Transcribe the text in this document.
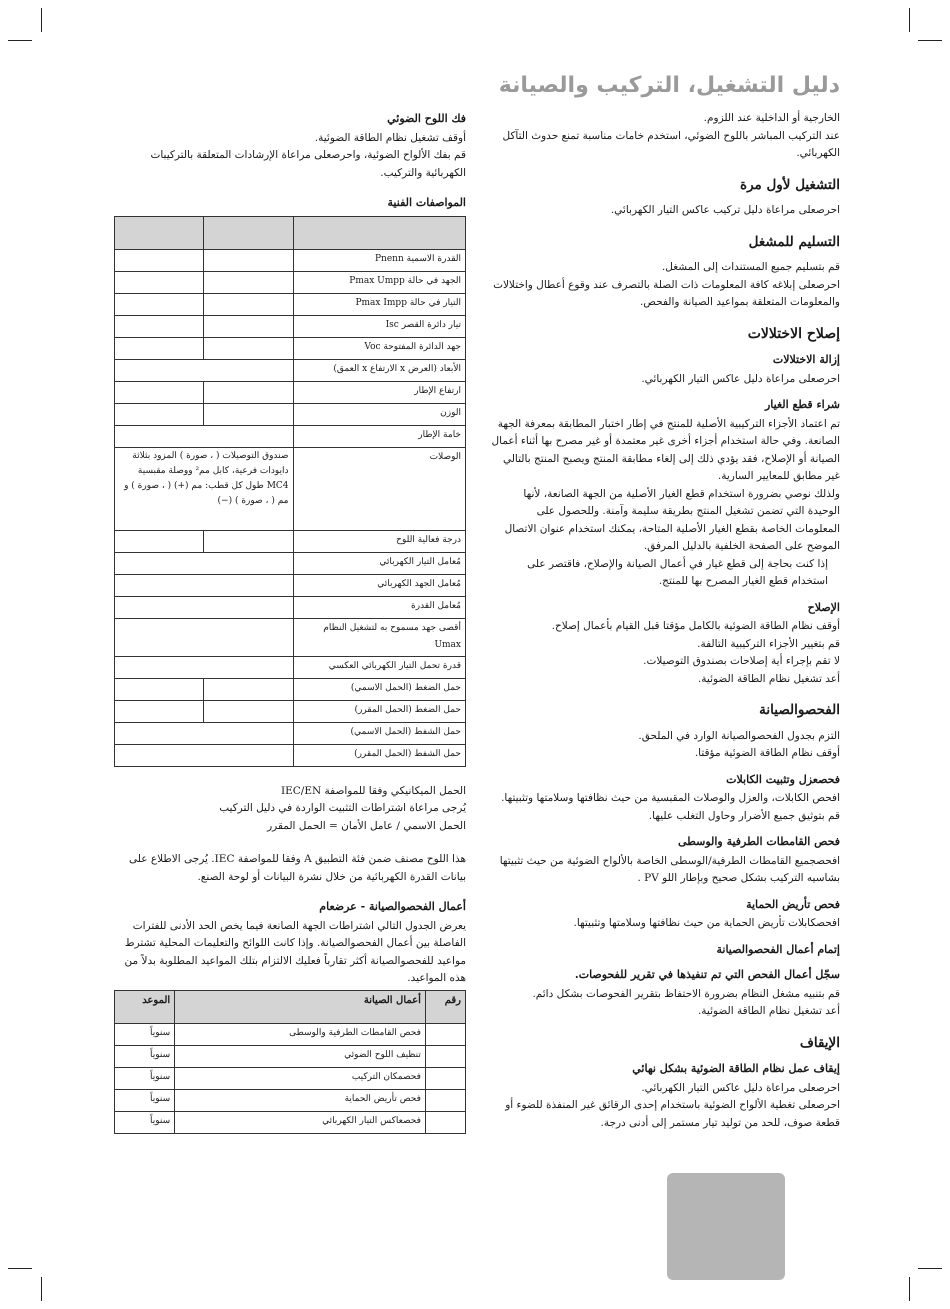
دليل التشغيل، التركيب والصيانة

الخارجية أو الداخلية عند اللزوم.

عند التركيب المباشر باللوح الضوئي، استخدم خامات مناسبة تمنع حدوث التآكل الكهربائي.

التشغيل لأول مرة

احرصعلى مراعاة دليل تركيب عاكس التيار الكهربائي.

التسليم للمشغل

قم بتسليم جميع المستندات إلى المشغل.

احرصعلى إبلاغه كافة المعلومات ذات الصلة بالتصرف عند وقوع أعطال واختلالات والمعلومات المتعلقة بمواعيد الصيانة والفحص.

إصلاح الاختلالات
إزالة الاختلالات

احرصعلى مراعاة دليل عاكس التيار الكهربائي.

شراء قطع الغيار

تم اعتماد الأجزاء التركيبية الأصلية للمنتج في إطار اختبار المطابقة بمعرفة الجهة الصانعة. وفي حالة استخدام أجزاء أخرى غير معتمدة أو غير مصرح بها أثناء أعمال الصيانة أو الإصلاح، فقد يؤدي ذلك إلى إلغاء مطابقة المنتج ويصبح المنتج بالتالي غير مطابق للمعايير السارية.

ولذلك نوصي بضرورة استخدام قطع الغيار الأصلية من الجهة الصانعة، لأنها الوحيدة التي تضمن تشغيل المنتج بطريقة سليمة وآمنة. وللحصول على المعلومات الخاصة بقطع الغيار الأصلية المتاحة، يمكنك استخدام عنوان الاتصال الموضح على الصفحة الخلفية بالدليل المرفق.

إذا كنت بحاجة إلى قطع غيار في أعمال الصيانة والإصلاح، فاقتصر على استخدام قطع الغيار المصرح بها للمنتج.

الإصلاح

أوقف نظام الطاقة الضوئية بالكامل مؤقتا قبل القيام بأعمال إصلاح.

قم بتغيير الأجزاء التركيبية التالفة.

لا تقم بإجراء أية إصلاحات بصندوق التوصيلات.

أعد تشغيل نظام الطاقة الضوئية.

الفحصوالصيانة

التزم بجدول الفحصوالصيانة الوارد في الملحق.

أوقف نظام الطاقة الضوئية مؤقتا.

فحصعزل وتثبيت الكابلات

افحص الكابلات، والعزل والوصلات المقبسية من حيث نظافتها وسلامتها وتثبيتها.

قم بتوثيق جميع الأضرار وحاول التغلب عليها.

فحص القامطات الطرفية والوسطى

افحصجميع القامطات الطرفية/الوسطى الخاصة بالألواح الضوئية من حيث تثبيتها بشاسيه التركيب بشكل صحيح وبإطار اللو PV .

فحص تأريض الحماية

افحصكابلات تأريض الحماية من حيث نظافتها وسلامتها وتثبيتها.

إتمام أعمال الفحصوالصيانة
سجّل أعمال الفحص التي تم تنفيذها في تقرير للفحوصات.

قم بتنبيه مشغل النظام بضرورة الاحتفاظ بتقرير الفحوصات بشكل دائم.

أعد تشغيل نظام الطاقة الضوئية.

الإيقاف
إيقاف عمل نظام الطاقة الضوئية بشكل نهائي

احرصعلى مراعاة دليل عاكس التيار الكهربائي.

احرصعلى تغطية الألواح الضوئية باستخدام إحدى الرقائق غير المنفذة للضوء أو قطعة صوف، للحد من توليد تيار مستمر إلى أدنى درجة.

فك اللوح الضوئي

أوقف تشغيل نظام الطاقة الضوئية.

قم بفك الألواح الضوئية، واحرصعلى مراعاة الإرشادات المتعلقة بالتركيبات الكهربائية والتركيب.

المواصفات الفنية

القدرة الاسمية Pnenn		
الجهد في حالة Pmax Umpp		
التيار في حالة Pmax Impp		
تيار دائرة القصر Isc		
جهد الدائرة المفتوحة Voc		
الأبعاد (العرض x الارتفاع x العمق)		
ارتفاع الإطار		
الوزن		
خامة الإطار		
الوصلات	صندوق التوصيلات ( ، صورة ) المزود بثلاثة دايودات فرعية، كابل مم² ووصلة مقبسية MC4 طول كل قطب: مم (+) ( ، صورة ) و مم ( ، صورة ) (−)	
درجة فعالية اللوح		
مُعامل التيار الكهربائي		
مُعامل الجهد الكهربائي		
مُعامل القدرة		
أقصى جهد مسموح به لتشغيل النظام Umax		
قدرة تحمل التيار الكهربائي العكسي		
حمل الضغط (الحمل الاسمي)		
حمل الضغط (الحمل المقرر)		
حمل الشفط (الحمل الاسمي)		
حمل الشفط (الحمل المقرر)		

الحمل الميكانيكي وفقا للمواصفة IEC/EN

يُرجى مراعاة اشتراطات التثبيت الواردة في دليل التركيب

الحمل الاسمي / عامل الأمان = الحمل المقرر

هذا اللوح مصنف ضمن فئة التطبيق A وفقا للمواصفة IEC. يُرجى الاطلاع على بيانات القدرة الكهربائية من خلال نشرة البيانات أو لوحة الصنع.

أعمال الفحصوالصيانة - عرضعام

يعرض الجدول التالي اشتراطات الجهة الصانعة فيما يخص الحد الأدنى للفترات الفاصلة بين أعمال الفحصوالصيانة. وإذا كانت اللوائح والتعليمات المحلية تشترط مواعيد للفحصوالصيانة أكثر تقارباً فعليك الالتزام بتلك المواعيد المطلوبة بدلاً من هذه المواعيد.

رقم	أعمال الصيانة	الموعد
	فحص القامطات الطرفية والوسطى	سنوياً
	تنظيف اللوح الضوئي	سنوياً
	فحصمكان التركيب	سنوياً
	فحص تأريض الحماية	سنوياً
	فحصعاكس التيار الكهربائي	سنوياً
